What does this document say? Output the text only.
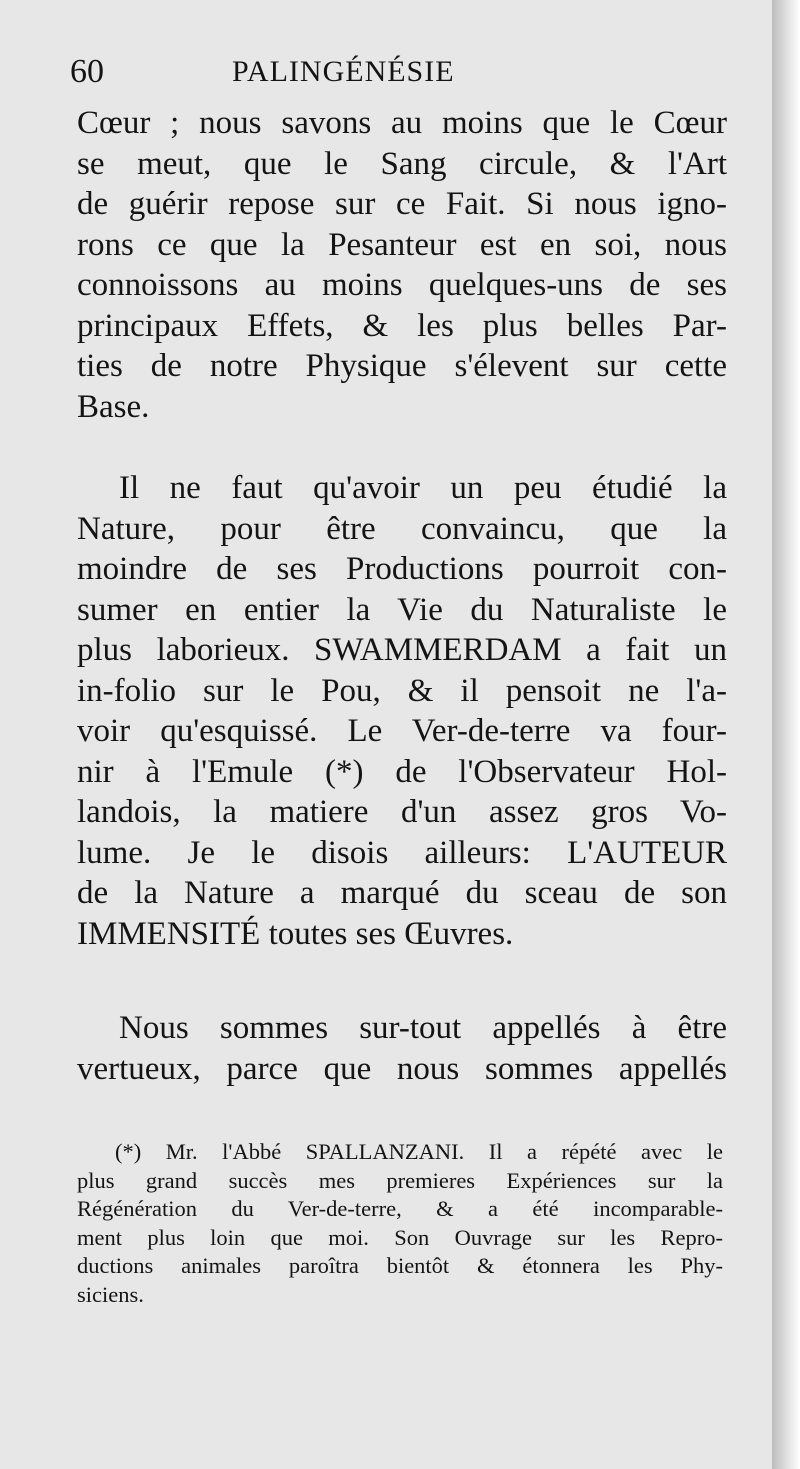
60	PALINGÉNÉSIE
Cœur ; nous savons au moins que le Cœur
se meut, que le Sang circule, & l'Art
de guérir repose sur ce Fait. Si nous igno-
rons ce que la Pesanteur est en soi, nous
connoissons au moins quelques-uns de ses
principaux Effets, & les plus belles Par-
ties de notre Physique s'élevent sur cette
Base.
Il ne faut qu'avoir un peu étudié la
Nature, pour être convaincu, que la
moindre de ses Productions pourroit con-
sumer en entier la Vie du Naturaliste le
plus laborieux. SWAMMERDAM a fait un
in-folio sur le Pou, & il pensoit ne l'a-
voir qu'esquissé. Le Ver-de-terre va four-
nir à l'Emule (*) de l'Observateur Hol-
landois, la matiere d'un assez gros Vo-
lume. Je le disois ailleurs: L'AUTEUR
de la Nature a marqué du sceau de son
IMMENSITÉ toutes ses Œuvres.
Nous sommes sur-tout appellés à être
vertueux, parce que nous sommes appellés
(*) Mr. l'Abbé SPALLANZANI. Il a répété avec le
plus grand succès mes premieres Expériences sur la
Régénération du Ver-de-terre, & a été incomparable-
ment plus loin que moi. Son Ouvrage sur les Repro-
ductions animales paroîtra bientôt & étonnera les Phy-
siciens.
